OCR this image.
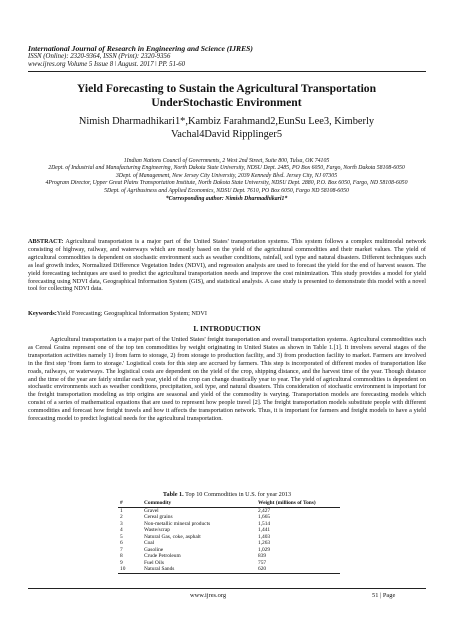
International Journal of Research in Engineering and Science (IJRES)
ISSN (Online): 2320-9364, ISSN (Print): 2320-9356
www.ijres.org Volume 5 Issue 8 ǀ August. 2017 ǀ PP. 51-60
Yield Forecasting to Sustain the Agricultural Transportation
UnderStochastic Environment
Nimish Dharmadhikari1*,Kambiz Farahmand2,EunSu Lee3, Kimberly
Vachal4David Ripplinger5
1Indian Nations Council of Governments, 2 West 2nd Street, Suite 800, Tulsa, OK 74105
2Dept. of Industrial and Manufacturing Engineering, North Dakota State University, NDSU Dept. 2485, PO Box 6050, Fargo, North Dakota 58108-6050
3Dept. of Management, New Jersey City University, 2039 Kennedy Blvd. Jersey City, NJ 07305
4Program Director, Upper Great Plains Transportation Institute, North Dakota State University, NDSU Dept. 2880, P.O. Box 6050, Fargo, ND 58108-6050
5Dept. of Agribusiness and Applied Economics, NDSU Dept. 7610, PO Box 6050, Fargo ND 58108-6050
*Corresponding author: Nimish Dharmadhikari1*
ABSTRACT: Agricultural transportation is a major part of the United States' transportation systems. This system follows a complex multimodal network consisting of highway, railway, and waterways which are mostly based on the yield of the agricultural commodities and their market values. The yield of agricultural commodities is dependent on stochastic environment such as weather conditions, rainfall, soil type and natural disasters. Different techniques such as leaf growth index, Normalized Difference Vegetation Index (NDVI), and regression analysis are used to forecast the yield for the end of harvest season. The yield forecasting techniques are used to predict the agricultural transportation needs and improve the cost minimization. This study provides a model for yield forecasting using NDVI data, Geographical Information System (GIS), and statistical analysis. A case study is presented to demonstrate this model with a novel tool for collecting NDVI data.
Keywords:Yield Forecasting; Geographical Information System; NDVI
I. INTRODUCTION

Agricultural transportation is a major part of the United States' freight transportation and overall transportation systems. Agricultural commodities such as Cereal Grains represent one of the top ten commodities by weight originating in United States as shown in Table 1.[1]. It involves several stages of the transportation activities namely 1) from farm to storage, 2) from storage to production facility, and 3) from production facility to market. Farmers are involved in the first step 'from farm to storage.' Logistical costs for this step are accrued by farmers. This step is incorporated of different modes of transportation like roads, railways, or waterways. The logistical costs are dependent on the yield of the crop, shipping distance, and the harvest time of the year. Though distance and the time of the year are fairly similar each year, yield of the crop can change drastically year to year. The yield of agricultural commodities is dependent on stochastic environments such as weather conditions, precipitation, soil type, and natural disasters. This consideration of stochastic environment is important for the freight transportation modeling as trip origins are seasonal and yield of the commodity is varying. Transportation models are forecasting models which consist of a series of mathematical equations that are used to represent how people travel [2]. The freight transportation models substitute people with different commodities and forecast how freight travels and how it affects the transportation network. Thus, it is important for farmers and freight models to have a yield forecasting model to predict logistical needs for the agricultural transportation.

Table 1. Top 10 Commodities in U.S. for year 2013
#	Commodity	Weight (millions of Tons)
1	Gravel	2,427
2	Cereal grains	1,665
3	Non-metallic mineral products	1,514
4	Waste/scrap	1,441
5	Natural Gas, coke, asphalt	1,403
6	Coal	1,263
7	Gasoline	1,029
8	Crude Petroleum	839
9	Fuel Oils	757
10	Natural Sands	620
www.ijres.org	51 | Page
